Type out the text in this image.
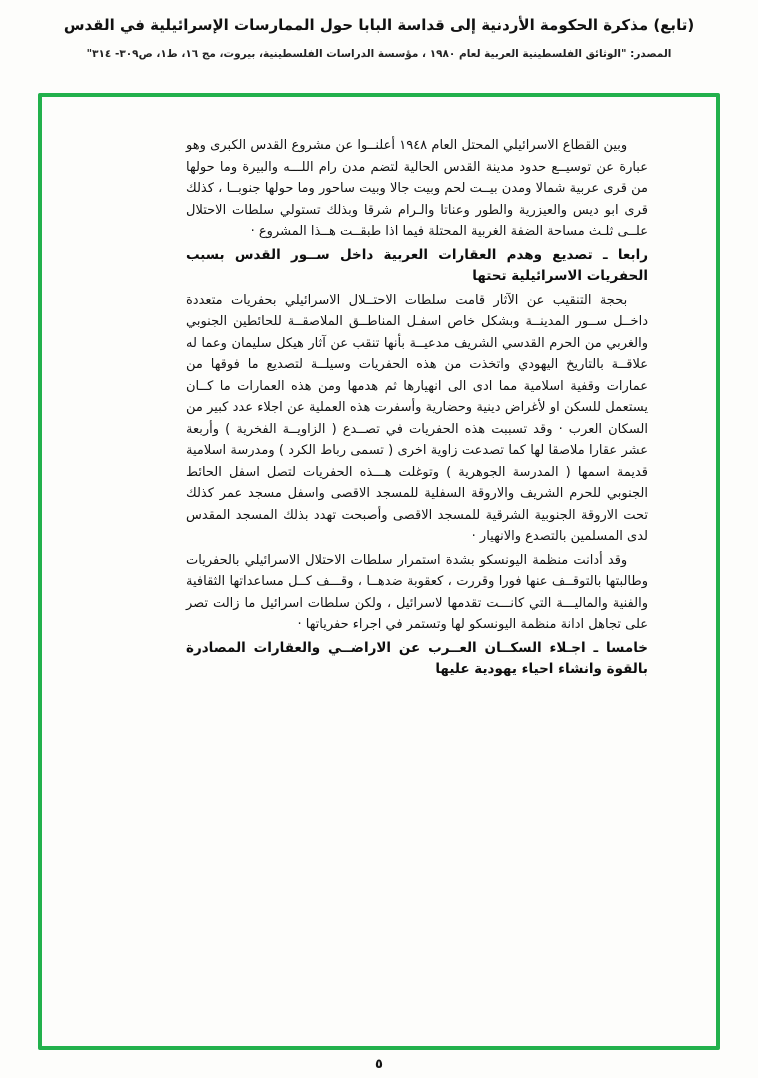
(تابع) مذكرة الحكومة الأردنية إلى قداسة البابا حول الممارسات الإسرائيلية في القدس
المصدر: "الوثائق الفلسطينية العربية لعام ١٩٨٠ ، مؤسسة الدراسات الفلسطينية، بيروت، مج ١٦، ط١، ص٣٠٩- ٣١٤"

وبين القطاع الاسرائيلي المحتل العام ١٩٤٨ أعلنــوا عن مشروع القدس الكبرى وهو عبارة عن توسيــع حدود مدينة القدس الحالية لتضم مدن رام اللـــه والبيرة وما حولها من قرى عربية شمالا ومدن بيــت لحم وبيت جالا وبيت ساحور وما حولها جنوبــا ، كذلك قرى ابو ديس والعيزرية والطور وعناتا والـرام شرقا وبذلك تستولي سلطات الاحتلال علــى ثلـث مساحة الضفة الغربية المحتلة فيما اذا طبقــت هــذا المشروع ·

رابعا ـ تصديع وهدم العقارات العربية داخل ســور القدس بسبب الحفريات الاسرائيلية تحتها

بحجة التنقيب عن الآثار قامت سلطات الاحتــلال الاسرائيلي بحفريات متعددة داخــل ســور المدينــة وبشكل خاص اسفـل المناطــق الملاصقــة للحائطين الجنوبي والغربي من الحرم القدسي الشريف مدعيــة بأنها تنقب عن آثار هيكل سليمان وعما له علاقــة بالتاريخ اليهودي واتخذت من هذه الحفريات وسيلــة لتصديع ما فوقها من عمارات وقفية اسلامية مما ادى الى انهيارها ثم هدمها ومن هذه العمارات ما كــان يستعمل للسكن او لأغراض دينية وحضارية وأسفرت هذه العملية عن اجلاء عدد كبير من السكان العرب · وقد تسببت هذه الحفريات في تصــدع ( الزاويــة الفخرية ) وأربعة عشر عقارا ملاصقا لها كما تصدعت زاوية اخرى ( تسمى رباط الكرد ) ومدرسة اسلامية قديمة اسمها ( المدرسة الجوهرية ) وتوغلت هـــذه الحفريات لتصل اسفل الحائط الجنوبي للحرم الشريف والاروقة السفلية للمسجد الاقصى واسفل مسجد عمر كذلك تحت الاروقة الجنوبية الشرقية للمسجد الاقصى وأصبحت تهدد بذلك المسجد المقدس لدى المسلمين بالتصدع والانهيار ·

وقد أدانت منظمة اليونسكو بشدة استمرار سلطات الاحتلال الاسرائيلي بالحفريات وطالبتها بالتوقــف عنها فورا وقررت ، كعقوبة ضدهــا ، وقـــف كــل مساعداتها الثقافية والفنية والماليـــة التي كانـــت تقدمها لاسرائيل ، ولكن سلطات اسرائيل ما زالت تصر على تجاهل ادانة منظمة اليونسكو لها وتستمر في اجراء حفرياتها ·

خامسا ـ اجـلاء السكــان العــرب عن الاراضــي والعقارات المصادرة بالقوة وانشاء احياء يهودية عليها
٥
